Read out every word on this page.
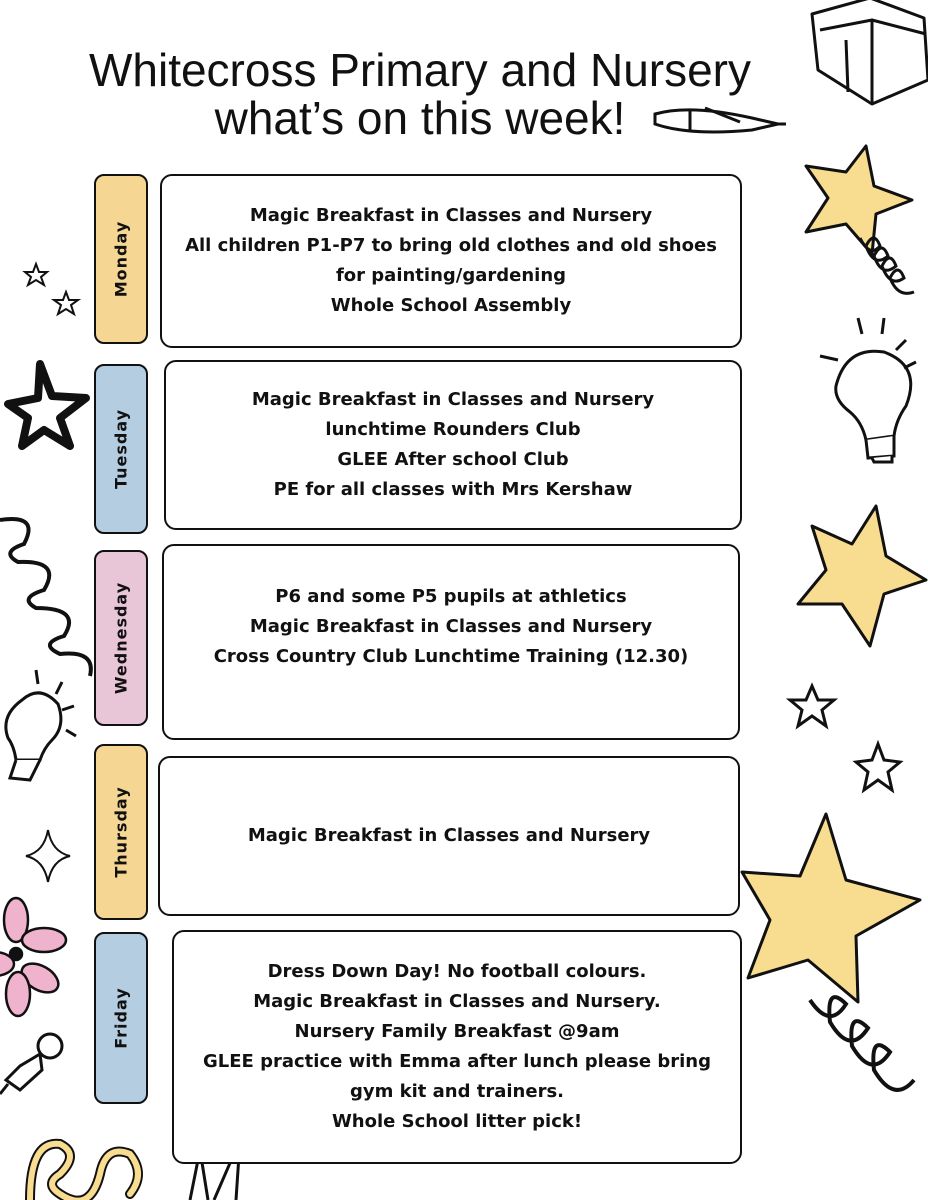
Whitecross Primary and Nursery
what’s on this week!
Monday

Magic Breakfast in Classes and Nursery

All children P1-P7 to bring old clothes and old shoes

for painting/gardening

Whole School Assembly

Tuesday

Magic Breakfast in Classes and Nursery

lunchtime Rounders Club

GLEE After school Club

PE for all classes with Mrs Kershaw

Wednesday	P6 and some P5 pupils at athletics

Magic Breakfast in Classes and Nursery

Cross Country Club Lunchtime Training (12.30)

Thursday	Magic Breakfast in Classes and Nursery

Friday

Dress Down Day! No football colours.

Magic Breakfast in Classes and Nursery.

Nursery Family Breakfast @9am

GLEE practice with Emma after lunch please bring

gym kit and trainers.

Whole School litter pick!
